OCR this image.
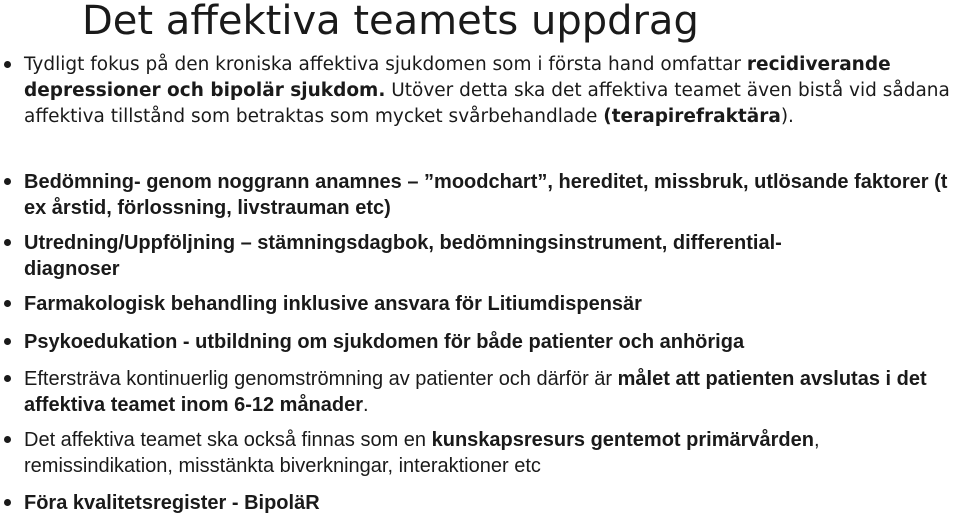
Det affektiva teamets uppdrag
Tydligt fokus på den kroniska affektiva sjukdomen som i första hand omfattar recidiverande depressioner och bipolär sjukdom. Utöver detta ska det affektiva teamet även bistå vid sådana affektiva tillstånd som betraktas som mycket svårbehandlade (terapirefraktära).
Bedömning- genom noggrann anamnes – ”moodchart”, hereditet, missbruk, utlösande faktorer (t ex årstid, förlossning, livstrauman etc)
Utredning/Uppföljning – stämningsdagbok, bedömningsinstrument, differential-diagnoser
Farmakologisk behandling inklusive ansvara för Litiumdispensär
Psykoedukation - utbildning om sjukdomen för både patienter och anhöriga
Eftersträva kontinuerlig genomströmning av patienter och därför är målet att patienten avslutas i det affektiva teamet inom 6-12 månader.
Det affektiva teamet ska också finnas som en kunskapsresurs gentemot primärvården, remissindikation, misstänkta biverkningar, interaktioner etc
Föra kvalitetsregister - BipoläR
